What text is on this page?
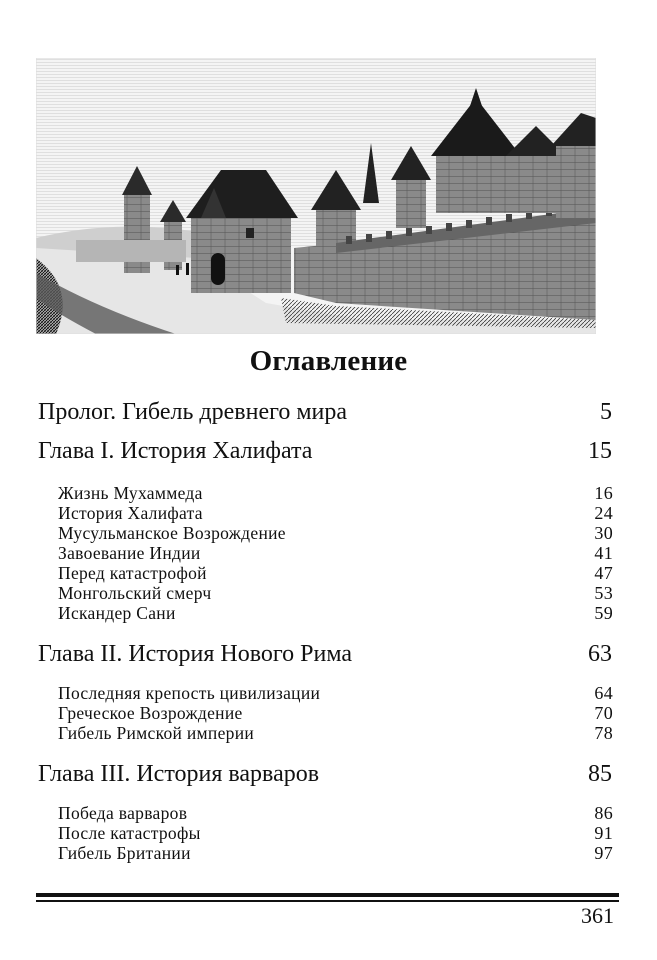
Оглавление
Пролог. Гибель древнего мира	5
Глава I. История Халифата	15
Жизнь Мухаммеда	16
История Халифата	24
Мусульманское Возрождение	30
Завоевание Индии	41
Перед катастрофой	47
Монгольский смерч	53
Искандер Сани	59
Глава II. История Нового Рима	63
Последняя крепость цивилизации	64
Греческое Возрождение	70
Гибель Римской империи	78
Глава III. История варваров	85
Победа варваров	86
После катастрофы	91
Гибель Британии	97
361
